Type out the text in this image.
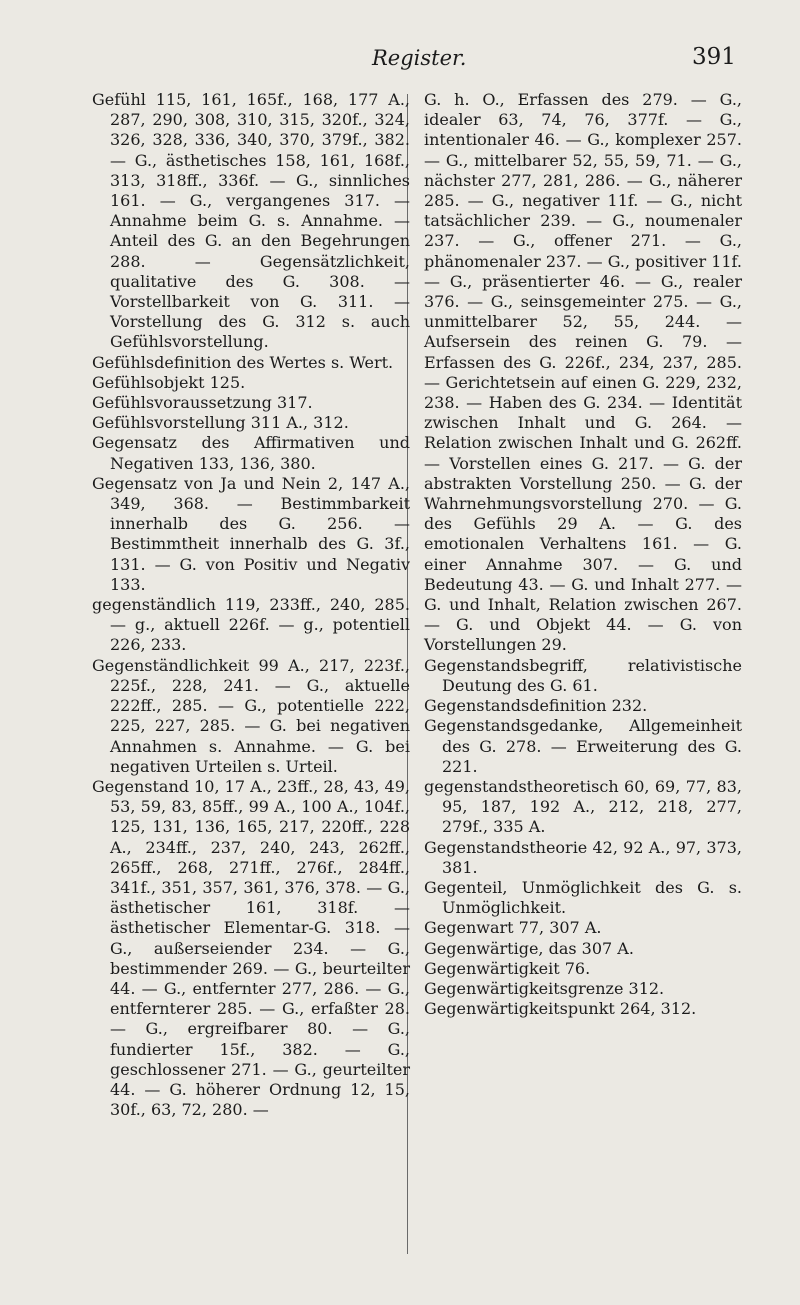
Register.	391

Gefühl 115, 161, 165f., 168, 177 A., 287, 290, 308, 310, 315, 320f., 324, 326, 328, 336, 340, 370, 379f., 382. — G., ästhetisches 158, 161, 168f., 313, 318ff., 336f. — G., sinnliches 161. — G., vergangenes 317. — Annahme beim G. s. Annahme. — Anteil des G. an den Begehrungen 288. — Gegensätzlichkeit, qualitative des G. 308. — Vorstellbarkeit von G. 311. — Vorstellung des G. 312 s. auch Gefühlsvorstellung.

Gefühlsdefinition des Wertes s. Wert.

Gefühlsobjekt 125.

Gefühlsvoraussetzung 317.

Gefühlsvorstellung 311 A., 312.

Gegensatz des Affirmativen und Negativen 133, 136, 380.

Gegensatz von Ja und Nein 2, 147 A., 349, 368. — Bestimmbarkeit innerhalb des G. 256. — Bestimmtheit innerhalb des G. 3f., 131. — G. von Positiv und Negativ 133.

gegenständlich 119, 233ff., 240, 285. — g., aktuell 226f. — g., potentiell 226, 233.

Gegenständlichkeit 99 A., 217, 223f., 225f., 228, 241. — G., aktuelle 222ff., 285. — G., potentielle 222, 225, 227, 285. — G. bei negativen Annahmen s. Annahme. — G. bei negativen Urteilen s. Urteil.

Gegenstand 10, 17 A., 23ff., 28, 43, 49, 53, 59, 83, 85ff., 99 A., 100 A., 104f., 125, 131, 136, 165, 217, 220ff., 228 A., 234ff., 237, 240, 243, 262ff., 265ff., 268, 271ff., 276f., 284ff., 341f., 351, 357, 361, 376, 378. — G., ästhetischer 161, 318f. — ästhetischer Elementar-G. 318. — G., außerseiender 234. — G., bestimmender 269. — G., beurteilter 44. — G., entfernter 277, 286. — G., entfernterer 285. — G., erfaßter 28. — G., ergreifbarer 80. — G., fundierter 15f., 382. — G., geschlossener 271. — G., geurteilter 44. — G. höherer Ordnung 12, 15, 30f., 63, 72, 280. —

G. h. O., Erfassen des 279. — G., idealer 63, 74, 76, 377f. — G., intentionaler 46. — G., komplexer 257. — G., mittelbarer 52, 55, 59, 71. — G., nächster 277, 281, 286. — G., näherer 285. — G., negativer 11f. — G., nicht tatsächlicher 239. — G., noumenaler 237. — G., offener 271. — G., phänomenaler 237. — G., positiver 11f. — G., präsentierter 46. — G., realer 376. — G., seinsgemeinter 275. — G., unmittelbarer 52, 55, 244. — Aufsersein des reinen G. 79. — Erfassen des G. 226f., 234, 237, 285. — Gerichtetsein auf einen G. 229, 232, 238. — Haben des G. 234. — Identität zwischen Inhalt und G. 264. — Relation zwischen Inhalt und G. 262ff. — Vorstellen eines G. 217. — G. der abstrakten Vorstellung 250. — G. der Wahrnehmungsvorstellung 270. — G. des Gefühls 29 A. — G. des emotionalen Verhaltens 161. — G. einer Annahme 307. — G. und Bedeutung 43. — G. und Inhalt 277. — G. und Inhalt, Relation zwischen 267. — G. und Objekt 44. — G. von Vorstellungen 29.

Gegenstandsbegriff, relativistische Deutung des G. 61.

Gegenstandsdefinition 232.

Gegenstandsgedanke, Allgemeinheit des G. 278. — Erweiterung des G. 221.

gegenstandstheoretisch 60, 69, 77, 83, 95, 187, 192 A., 212, 218, 277, 279f., 335 A.

Gegenstandstheorie 42, 92 A., 97, 373, 381.

Gegenteil, Unmöglichkeit des G. s. Unmöglichkeit.

Gegenwart 77, 307 A.

Gegenwärtige, das 307 A.

Gegenwärtigkeit 76.

Gegenwärtigkeitsgrenze 312.

Gegenwärtigkeitspunkt 264, 312.
